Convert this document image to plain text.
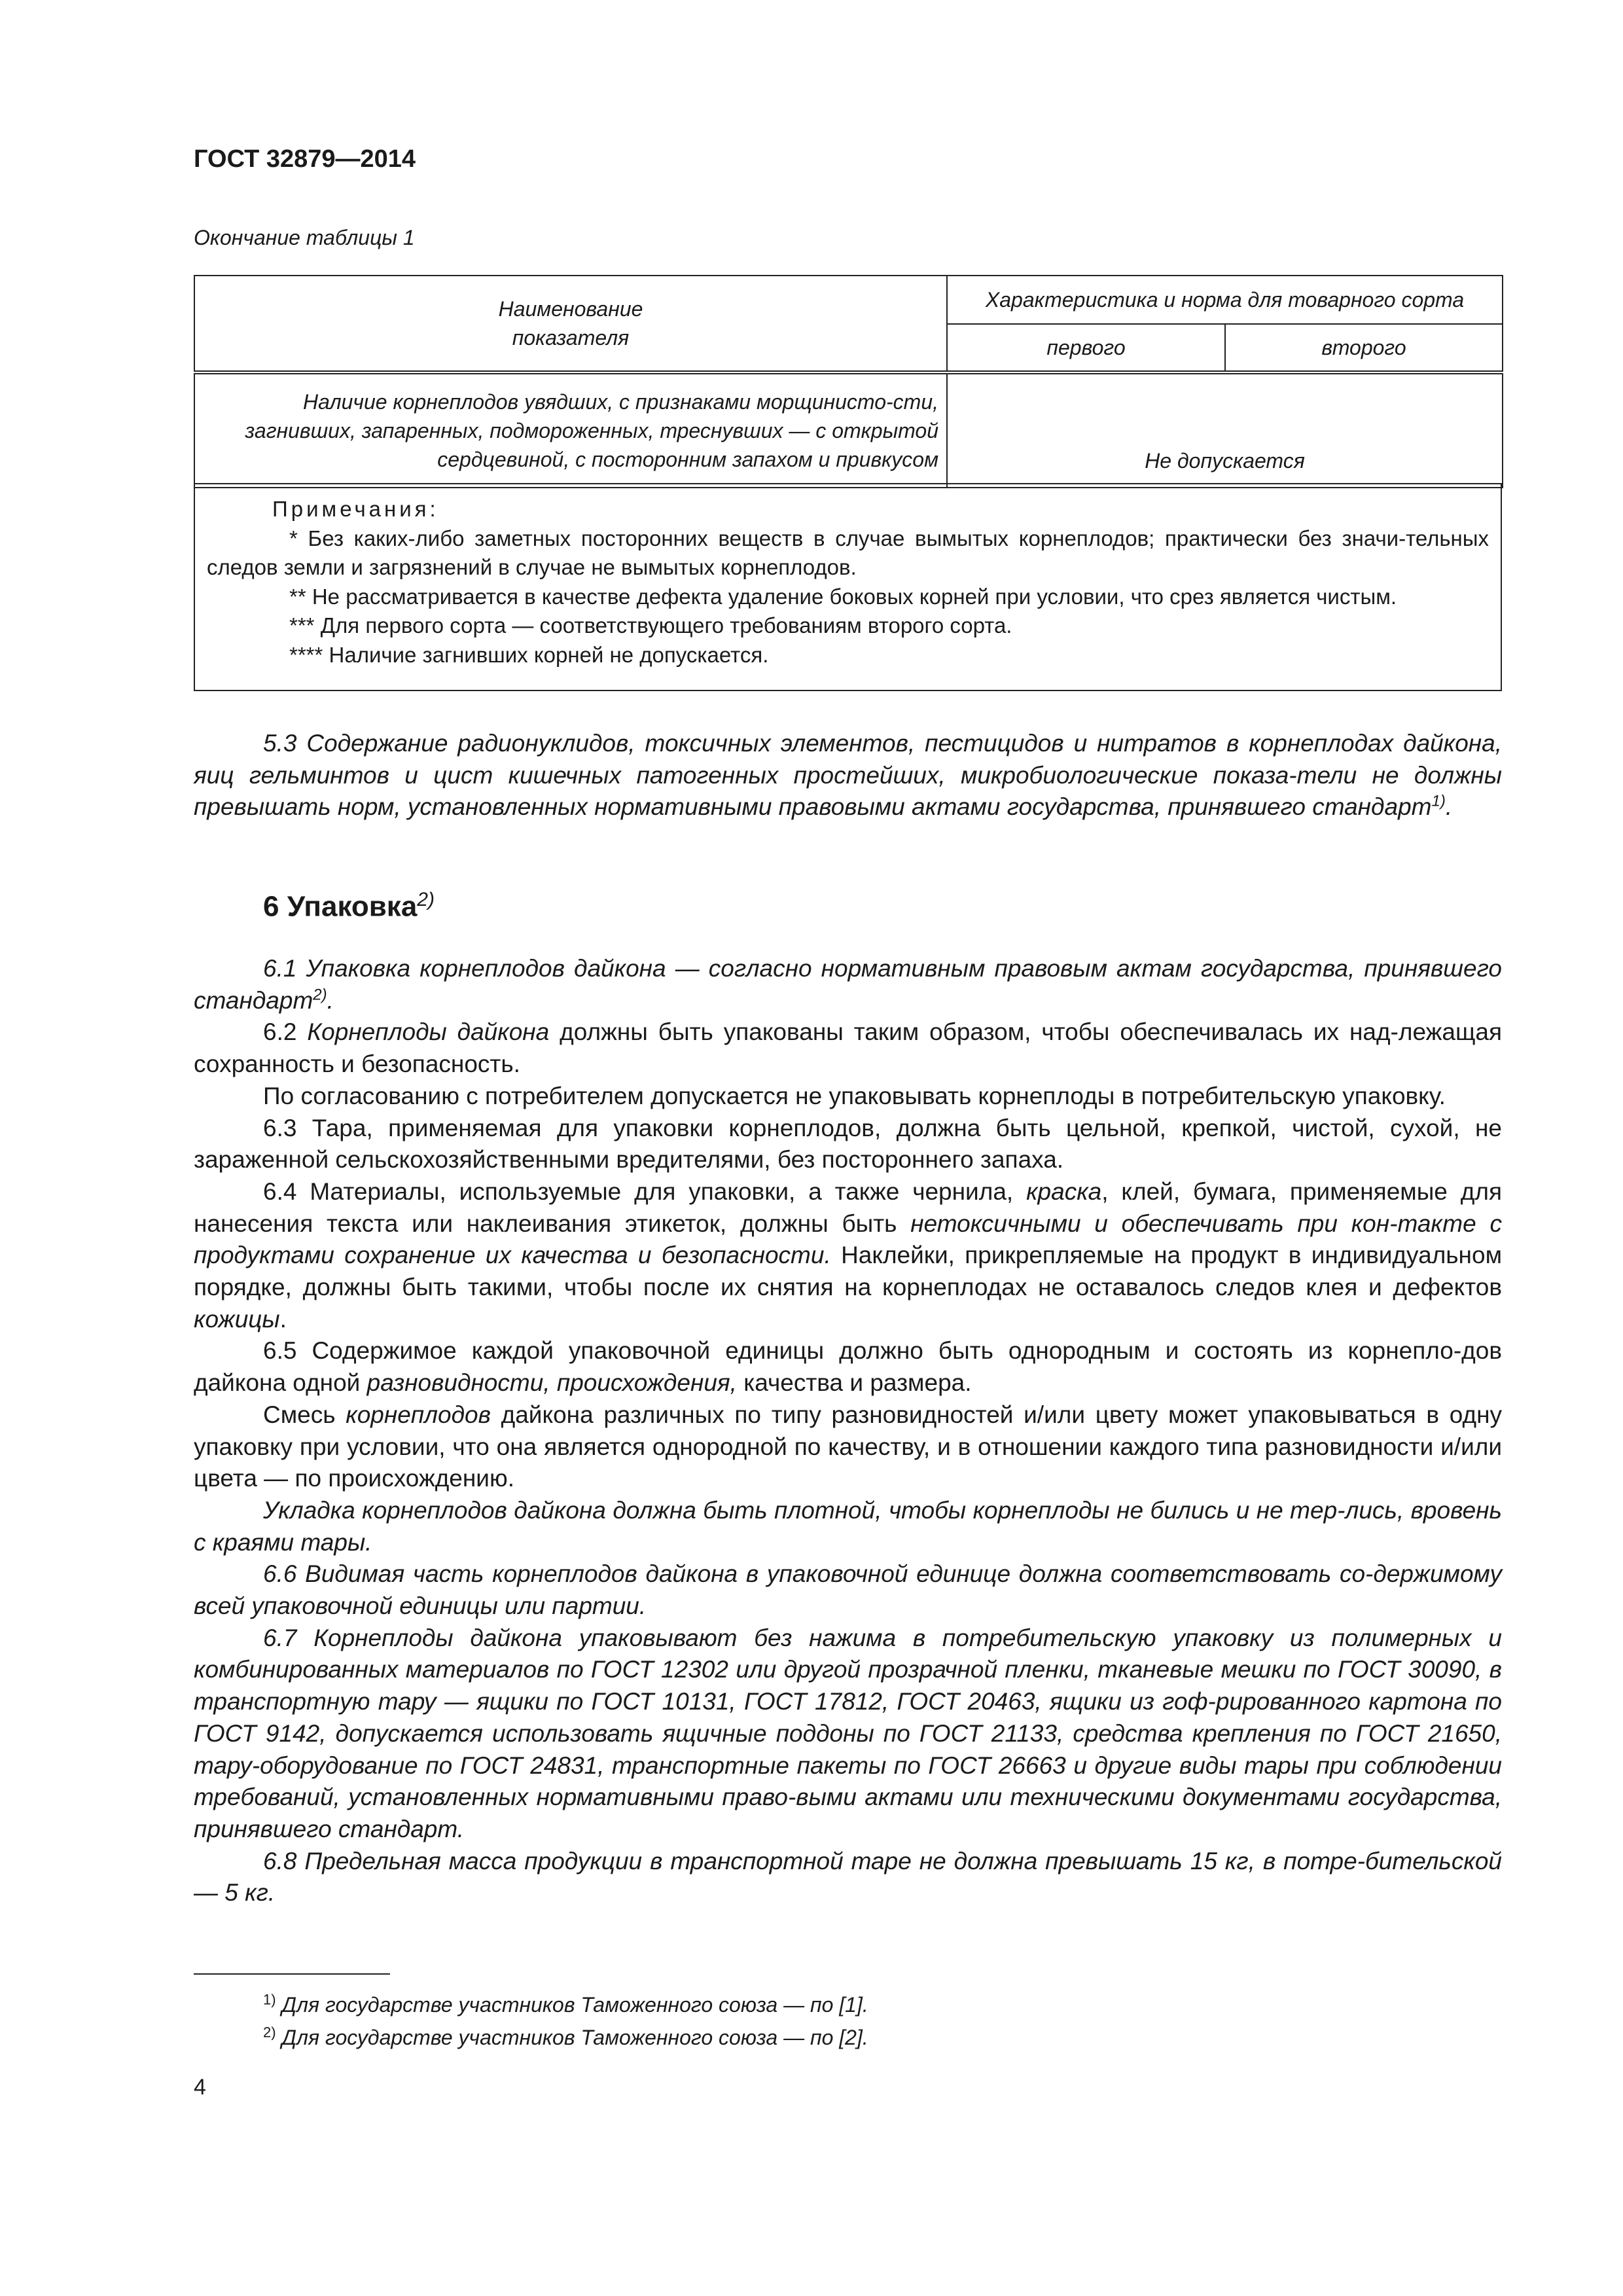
ГОСТ 32879—2014
Окончание таблицы 1
Наименование показателя	Характеристика и норма для товарного сорта	
	первого	второго
Наличие корнеплодов увядших, с признаками морщинисто-сти, загнивших, запаренных, подмороженных, треснувших — с открытой сердцевиной, с посторонним запахом и привкусом	Не допускается	
Примечания:

* Без каких-либо заметных посторонних веществ в случае вымытых корнеплодов; практически без значи-тельных следов земли и загрязнений в случае не вымытых корнеплодов.

** Не рассматривается в качестве дефекта удаление боковых корней при условии, что срез является чистым.

*** Для первого сорта — соответствующего требованиям второго сорта.

**** Наличие загнивших корней не допускается.

5.3 Содержание радионуклидов, токсичных элементов, пестицидов и нитратов в корнеплодах дайкона, яиц гельминтов и цист кишечных патогенных простейших, микробиологические показа-тели не должны превышать норм, установленных нормативными правовыми актами государства, принявшего стандарт$^{1)}$.

6 Упаковка$^{2)}$

6.1 Упаковка корнеплодов дайкона — согласно нормативным правовым актам государства, принявшего стандарт$^{2)}$.

6.2 Корнеплоды дайкона должны быть упакованы таким образом, чтобы обеспечивалась их над-лежащая сохранность и безопасность.

По согласованию с потребителем допускается не упаковывать корнеплоды в потребительскую упаковку.

6.3 Тара, применяемая для упаковки корнеплодов, должна быть цельной, крепкой, чистой, сухой, не зараженной сельскохозяйственными вредителями, без постороннего запаха.

6.4 Материалы, используемые для упаковки, а также чернила, краска, клей, бумага, применяемые для нанесения текста или наклеивания этикеток, должны быть нетоксичными и обеспечивать при кон-такте с продуктами сохранение их качества и безопасности. Наклейки, прикрепляемые на продукт в индивидуальном порядке, должны быть такими, чтобы после их снятия на корнеплодах не оставалось следов клея и дефектов кожицы.

6.5 Содержимое каждой упаковочной единицы должно быть однородным и состоять из корнепло-дов дайкона одной разновидности, происхождения, качества и размера.

Смесь корнеплодов дайкона различных по типу разновидностей и/или цвету может упаковываться в одну упаковку при условии, что она является однородной по качеству, и в отношении каждого типа разновидности и/или цвета — по происхождению.

Укладка корнеплодов дайкона должна быть плотной, чтобы корнеплоды не бились и не тер-лись, вровень с краями тары.

6.6 Видимая часть корнеплодов дайкона в упаковочной единице должна соответствовать со-держимому всей упаковочной единицы или партии.

6.7 Корнеплоды дайкона упаковывают без нажима в потребительскую упаковку из полимерных и комбинированных материалов по ГОСТ 12302 или другой прозрачной пленки, тканевые мешки по ГОСТ 30090, в транспортную тару — ящики по ГОСТ 10131, ГОСТ 17812, ГОСТ 20463, ящики из гоф-рированного картона по ГОСТ 9142, допускается использовать ящичные поддоны по ГОСТ 21133, средства крепления по ГОСТ 21650, тару-оборудование по ГОСТ 24831, транспортные пакеты по ГОСТ 26663 и другие виды тары при соблюдении требований, установленных нормативными право-выми актами или техническими документами государства, принявшего стандарт.

6.8 Предельная масса продукции в транспортной таре не должна превышать 15 кг, в потре-бительской — 5 кг.

$^{1)}$ Для государстве участников Таможенного союза — по [1].
$^{2)}$ Для государстве участников Таможенного союза — по [2].
4
